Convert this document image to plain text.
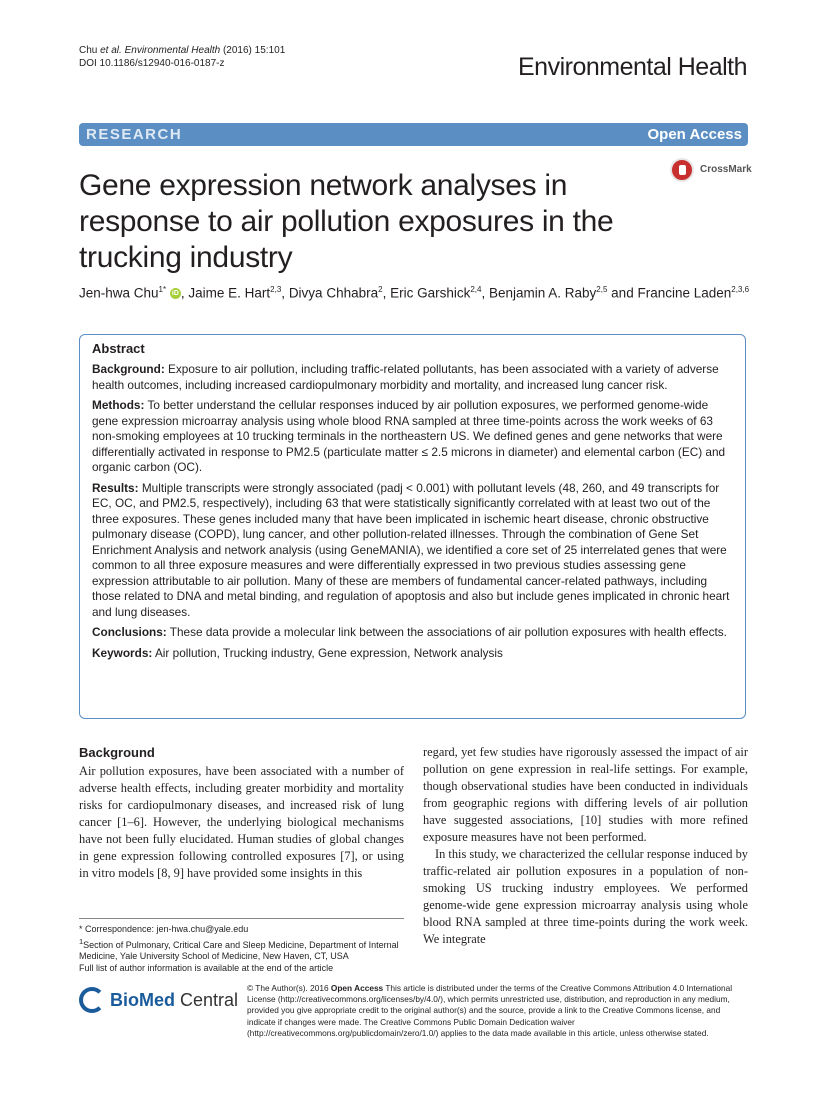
Chu et al. Environmental Health (2016) 15:101
DOI 10.1186/s12940-016-0187-z	Environmental Health
RESEARCH	Open Access
CrossMark
Gene expression network analyses in response to air pollution exposures in the trucking industry
Jen-hwa Chu$^{1*}$ iD , Jaime E. Hart$^{2,3}$, Divya Chhabra$^2$, Eric Garshick$^{2,4}$, Benjamin A. Raby$^{2,5}$ and Francine Laden$^{2,3,6}$
Abstract

Background: Exposure to air pollution, including traffic-related pollutants, has been associated with a variety of adverse health outcomes, including increased cardiopulmonary morbidity and mortality, and increased lung cancer risk.

Methods: To better understand the cellular responses induced by air pollution exposures, we performed genome-wide gene expression microarray analysis using whole blood RNA sampled at three time-points across the work weeks of 63 non-smoking employees at 10 trucking terminals in the northeastern US. We defined genes and gene networks that were differentially activated in response to PM2.5 (particulate matter ≤ 2.5 microns in diameter) and elemental carbon (EC) and organic carbon (OC).

Results: Multiple transcripts were strongly associated (padj < 0.001) with pollutant levels (48, 260, and 49 transcripts for EC, OC, and PM2.5, respectively), including 63 that were statistically significantly correlated with at least two out of the three exposures. These genes included many that have been implicated in ischemic heart disease, chronic obstructive pulmonary disease (COPD), lung cancer, and other pollution-related illnesses. Through the combination of Gene Set Enrichment Analysis and network analysis (using GeneMANIA), we identified a core set of 25 interrelated genes that were common to all three exposure measures and were differentially expressed in two previous studies assessing gene expression attributable to air pollution. Many of these are members of fundamental cancer-related pathways, including those related to DNA and metal binding, and regulation of apoptosis and also but include genes implicated in chronic heart and lung diseases.

Conclusions: These data provide a molecular link between the associations of air pollution exposures with health effects.

Keywords: Air pollution, Trucking industry, Gene expression, Network analysis

Background

Air pollution exposures, have been associated with a number of adverse health effects, including greater morbidity and mortality risks for cardiopulmonary diseases, and increased risk of lung cancer [1–6]. However, the underlying biological mechanisms have not been fully elucidated. Human studies of global changes in gene expression following controlled exposures [7], or using in vitro models [8, 9] have provided some insights in this

regard, yet few studies have rigorously assessed the impact of air pollution on gene expression in real-life settings. For example, though observational studies have been conducted in individuals from geographic regions with differing levels of air pollution have suggested associations, [10] studies with more refined exposure measures have not been performed.

In this study, we characterized the cellular response induced by traffic-related air pollution exposures in a population of non-smoking US trucking industry employees. We performed genome-wide gene expression microarray analysis using whole blood RNA sampled at three time-points during the work week. We integrate

* Correspondence: jen-hwa.chu@yale.edu
$^1$Section of Pulmonary, Critical Care and Sleep Medicine, Department of Internal Medicine, Yale University School of Medicine, New Haven, CT, USA
Full list of author information is available at the end of the article
BioMed Central
© The Author(s). 2016 Open Access This article is distributed under the terms of the Creative Commons Attribution 4.0 International License (http://creativecommons.org/licenses/by/4.0/), which permits unrestricted use, distribution, and reproduction in any medium, provided you give appropriate credit to the original author(s) and the source, provide a link to the Creative Commons license, and indicate if changes were made. The Creative Commons Public Domain Dedication waiver (http://creativecommons.org/publicdomain/zero/1.0/) applies to the data made available in this article, unless otherwise stated.
